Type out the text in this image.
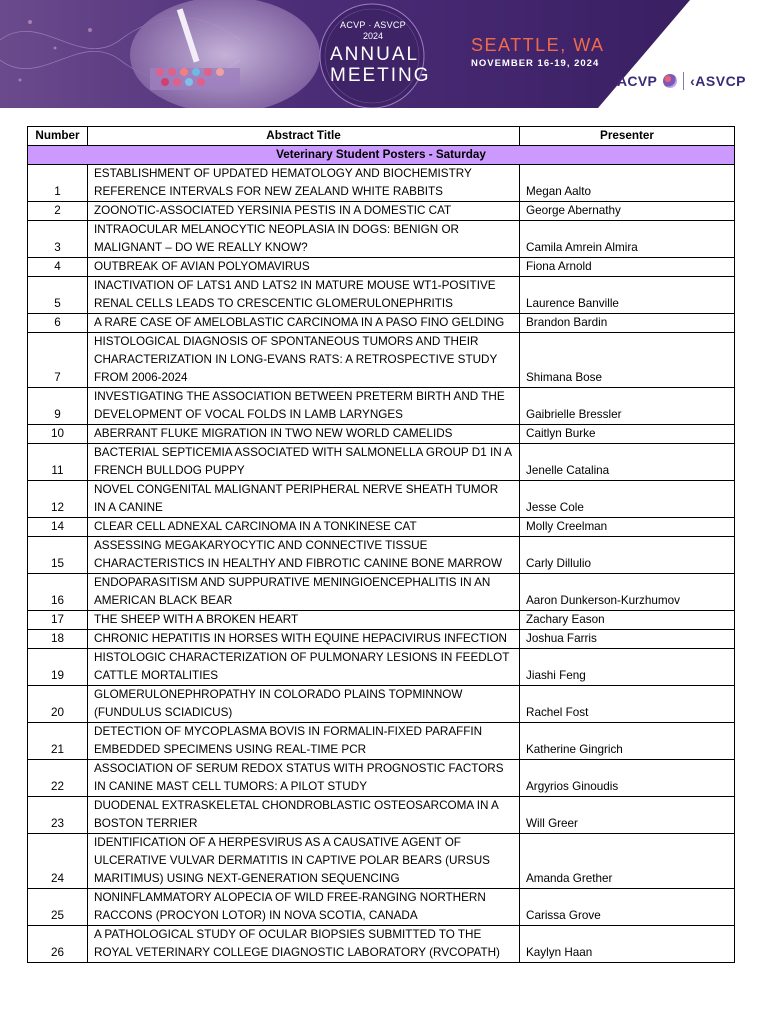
ACVP · ASVCP
2024
ANNUAL
MEETING
SEATTLE, WA
NOVEMBER 16-19, 2024
ACVP ‹ASVCP
Number	Abstract Title	Presenter
Veterinary Student Posters - Saturday		
1	ESTABLISHMENT OF UPDATED HEMATOLOGY AND BIOCHEMISTRY REFERENCE INTERVALS FOR NEW ZEALAND WHITE RABBITS	Megan Aalto
2	ZOONOTIC-ASSOCIATED YERSINIA PESTIS IN A DOMESTIC CAT	George Abernathy
3	INTRAOCULAR MELANOCYTIC NEOPLASIA IN DOGS: BENIGN OR MALIGNANT – DO WE REALLY KNOW?	Camila Amrein Almira
4	OUTBREAK OF AVIAN POLYOMAVIRUS	Fiona Arnold
5	INACTIVATION OF LATS1 AND LATS2 IN MATURE MOUSE WT1-POSITIVE RENAL CELLS LEADS TO CRESCENTIC GLOMERULONEPHRITIS	Laurence Banville
6	A RARE CASE OF AMELOBLASTIC CARCINOMA IN A PASO FINO GELDING	Brandon Bardin
7	HISTOLOGICAL DIAGNOSIS OF SPONTANEOUS TUMORS AND THEIR CHARACTERIZATION IN LONG-EVANS RATS: A RETROSPECTIVE STUDY FROM 2006-2024	Shimana Bose
9	INVESTIGATING THE ASSOCIATION BETWEEN PRETERM BIRTH AND THE DEVELOPMENT OF VOCAL FOLDS IN LAMB LARYNGES	Gaibrielle Bressler
10	ABERRANT FLUKE MIGRATION IN TWO NEW WORLD CAMELIDS	Caitlyn Burke
11	BACTERIAL SEPTICEMIA ASSOCIATED WITH SALMONELLA GROUP D1 IN A FRENCH BULLDOG PUPPY	Jenelle Catalina
12	NOVEL CONGENITAL MALIGNANT PERIPHERAL NERVE SHEATH TUMOR IN A CANINE	Jesse Cole
14	CLEAR CELL ADNEXAL CARCINOMA IN A TONKINESE CAT	Molly Creelman
15	ASSESSING MEGAKARYOCYTIC AND CONNECTIVE TISSUE CHARACTERISTICS IN HEALTHY AND FIBROTIC CANINE BONE MARROW	Carly Dillulio
16	ENDOPARASITISM AND SUPPURATIVE MENINGIOENCEPHALITIS IN AN AMERICAN BLACK BEAR	Aaron Dunkerson-Kurzhumov
17	THE SHEEP WITH A BROKEN HEART	Zachary Eason
18	CHRONIC HEPATITIS IN HORSES WITH EQUINE HEPACIVIRUS INFECTION	Joshua Farris
19	HISTOLOGIC CHARACTERIZATION OF PULMONARY LESIONS IN FEEDLOT CATTLE MORTALITIES	Jiashi Feng
20	GLOMERULONEPHROPATHY IN COLORADO PLAINS TOPMINNOW (FUNDULUS SCIADICUS)	Rachel Fost
21	DETECTION OF MYCOPLASMA BOVIS IN FORMALIN-FIXED PARAFFIN EMBEDDED SPECIMENS USING REAL-TIME PCR	Katherine Gingrich
22	ASSOCIATION OF SERUM REDOX STATUS WITH PROGNOSTIC FACTORS IN CANINE MAST CELL TUMORS: A PILOT STUDY	Argyrios Ginoudis
23	DUODENAL EXTRASKELETAL CHONDROBLASTIC OSTEOSARCOMA IN A BOSTON TERRIER	Will Greer
24	IDENTIFICATION OF A HERPESVIRUS AS A CAUSATIVE AGENT OF ULCERATIVE VULVAR DERMATITIS IN CAPTIVE POLAR BEARS (URSUS MARITIMUS) USING NEXT-GENERATION SEQUENCING	Amanda Grether
25	NONINFLAMMATORY ALOPECIA OF WILD FREE-RANGING NORTHERN RACCONS (PROCYON LOTOR) IN NOVA SCOTIA, CANADA	Carissa Grove
26	A PATHOLOGICAL STUDY OF OCULAR BIOPSIES SUBMITTED TO THE ROYAL VETERINARY COLLEGE DIAGNOSTIC LABORATORY (RVCOPATH)	Kaylyn Haan
